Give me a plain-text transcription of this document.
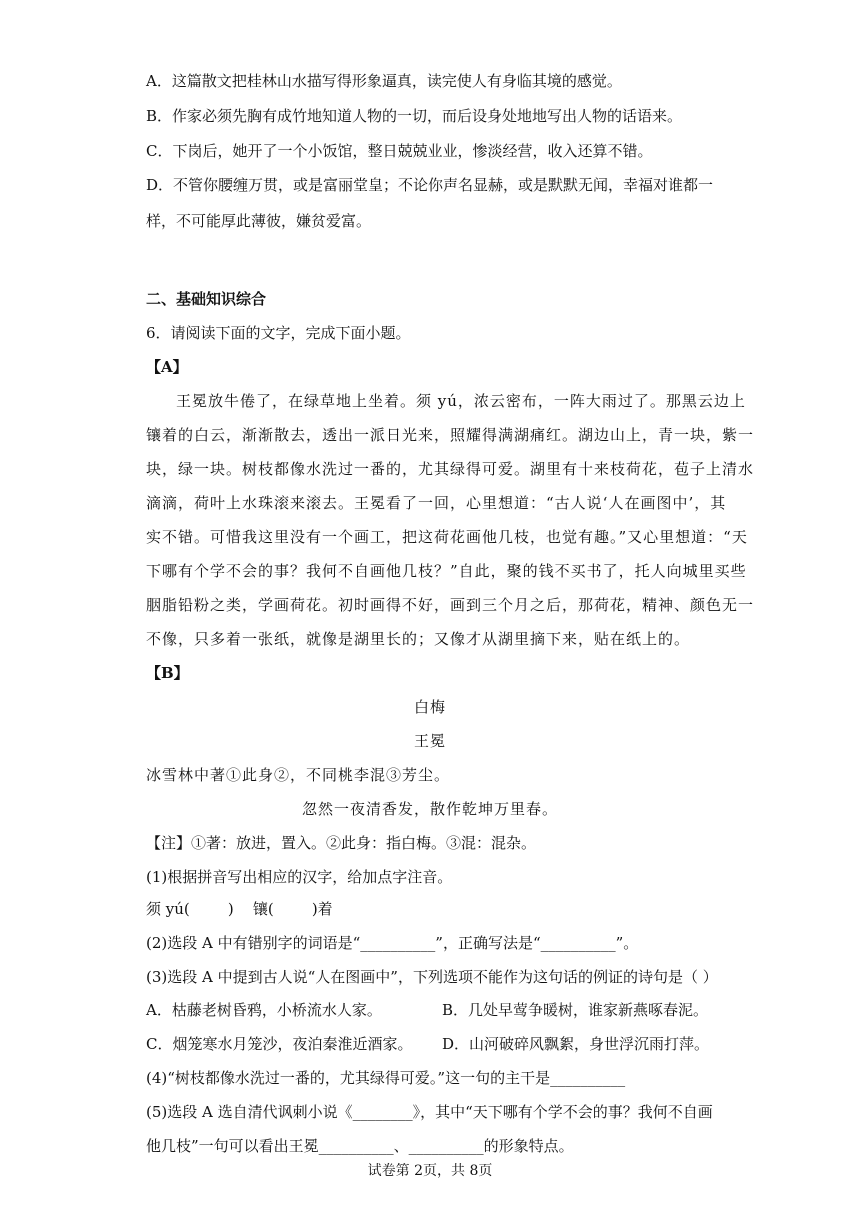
A．这篇散文把桂林山水描写得形象逼真，读完使人有身临其境的感觉。
B．作家必须先胸有成竹地知道人物的一切，而后设身处地地写出人物的话语来。
C．下岗后，她开了一个小饭馆，整日兢兢业业，惨淡经营，收入还算不错。
D．不管你腰缠万贯，或是富丽堂皇；不论你声名显赫，或是默默无闻，幸福对谁都一
样，不可能厚此薄彼，嫌贫爱富。
二、基础知识综合
6．请阅读下面的文字，完成下面小题。
【A】
王冕放牛倦了，在绿草地上坐着。须 yú，浓云密布，一阵大雨过了。那黑云边上
镶着的白云，渐渐散去，透出一派日光来，照耀得满湖痛红。湖边山上，青一块，紫一
块，绿一块。树枝都像水洗过一番的，尤其绿得可爱。湖里有十来枝荷花，苞子上清水
滴滴，荷叶上水珠滚来滚去。王冕看了一回，心里想道：“古人说‘人在画图中’，其
实不错。可惜我这里没有一个画工，把这荷花画他几枝，也觉有趣。”又心里想道：“天
下哪有个学不会的事？我何不自画他几枝？”自此，聚的钱不买书了，托人向城里买些
胭脂铅粉之类，学画荷花。初时画得不好，画到三个月之后，那荷花，精神、颜色无一
不像，只多着一张纸，就像是湖里长的；又像才从湖里摘下来，贴在纸上的。
【B】
白梅
王冕
冰雪林中著①此身②，不同桃李混③芳尘。
忽然一夜清香发，散作乾坤万里春。
【注】①著：放进，置入。②此身：指白梅。③混：混杂。
(1)根据拼音写出相应的汉字，给加点字注音。
须 yú(        )    镶(        )着
(2)选段 A 中有错别字的词语是“__________”，正确写法是“__________”。
(3)选段 A 中提到古人说“人在图画中”，下列选项不能作为这句话的例证的诗句是（ ）
A．枯藤老树昏鸦，小桥流水人家。	B．几处早莺争暖树，谁家新燕啄春泥。
C．烟笼寒水月笼沙，夜泊秦淮近酒家。 D．山河破碎风飘絮，身世浮沉雨打萍。
(4)“树枝都像水洗过一番的，尤其绿得可爱。”这一句的主干是__________
(5)选段 A 选自清代讽刺小说《________》，其中“天下哪有个学不会的事？我何不自画
他几枝”一句可以看出王冕__________、__________的形象特点。
试卷第 2页，共 8页
